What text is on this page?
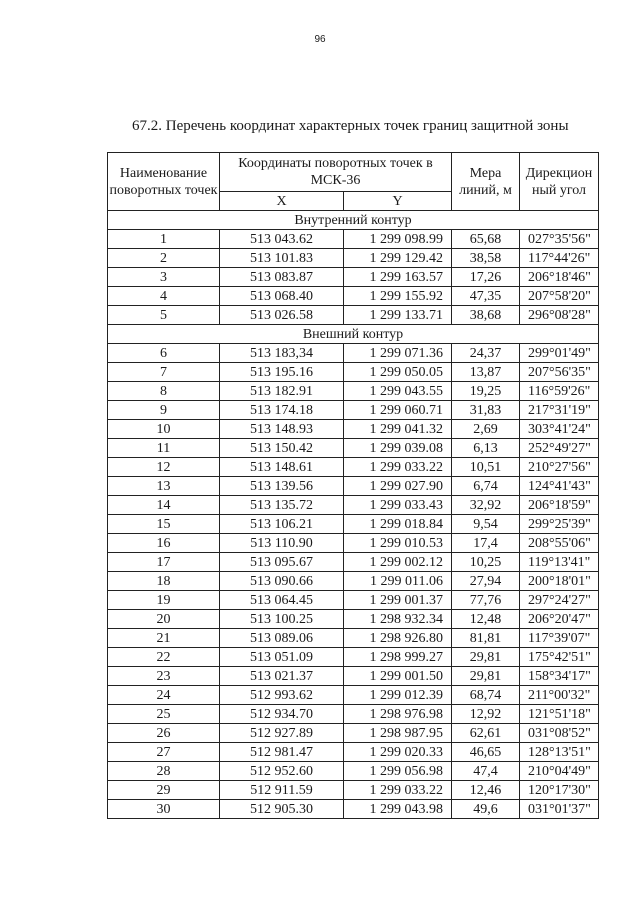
96
67.2. Перечень координат характерных точек границ защитной зоны
Наименование поворотных точек	Координаты поворотных точек в МСК-36		Мера линий, м	Дирекцион ный угол
	X	Y		
Внутренний контур				
1	513 043.62	1 299 098.99	65,68	027°35'56"
2	513 101.83	1 299 129.42	38,58	117°44'26"
3	513 083.87	1 299 163.57	17,26	206°18'46"
4	513 068.40	1 299 155.92	47,35	207°58'20"
5	513 026.58	1 299 133.71	38,68	296°08'28"
Внешний контур				
6	513 183,34	1 299 071.36	24,37	299°01'49"
7	513 195.16	1 299 050.05	13,87	207°56'35"
8	513 182.91	1 299 043.55	19,25	116°59'26"
9	513 174.18	1 299 060.71	31,83	217°31'19"
10	513 148.93	1 299 041.32	2,69	303°41'24"
11	513 150.42	1 299 039.08	6,13	252°49'27"
12	513 148.61	1 299 033.22	10,51	210°27'56"
13	513 139.56	1 299 027.90	6,74	124°41'43"
14	513 135.72	1 299 033.43	32,92	206°18'59"
15	513 106.21	1 299 018.84	9,54	299°25'39"
16	513 110.90	1 299 010.53	17,4	208°55'06"
17	513 095.67	1 299 002.12	10,25	119°13'41"
18	513 090.66	1 299 011.06	27,94	200°18'01"
19	513 064.45	1 299 001.37	77,76	297°24'27"
20	513 100.25	1 298 932.34	12,48	206°20'47"
21	513 089.06	1 298 926.80	81,81	117°39'07"
22	513 051.09	1 298 999.27	29,81	175°42'51"
23	513 021.37	1 299 001.50	29,81	158°34'17"
24	512 993.62	1 299 012.39	68,74	211°00'32"
25	512 934.70	1 298 976.98	12,92	121°51'18"
26	512 927.89	1 298 987.95	62,61	031°08'52"
27	512 981.47	1 299 020.33	46,65	128°13'51"
28	512 952.60	1 299 056.98	47,4	210°04'49"
29	512 911.59	1 299 033.22	12,46	120°17'30"
30	512 905.30	1 299 043.98	49,6	031°01'37"
